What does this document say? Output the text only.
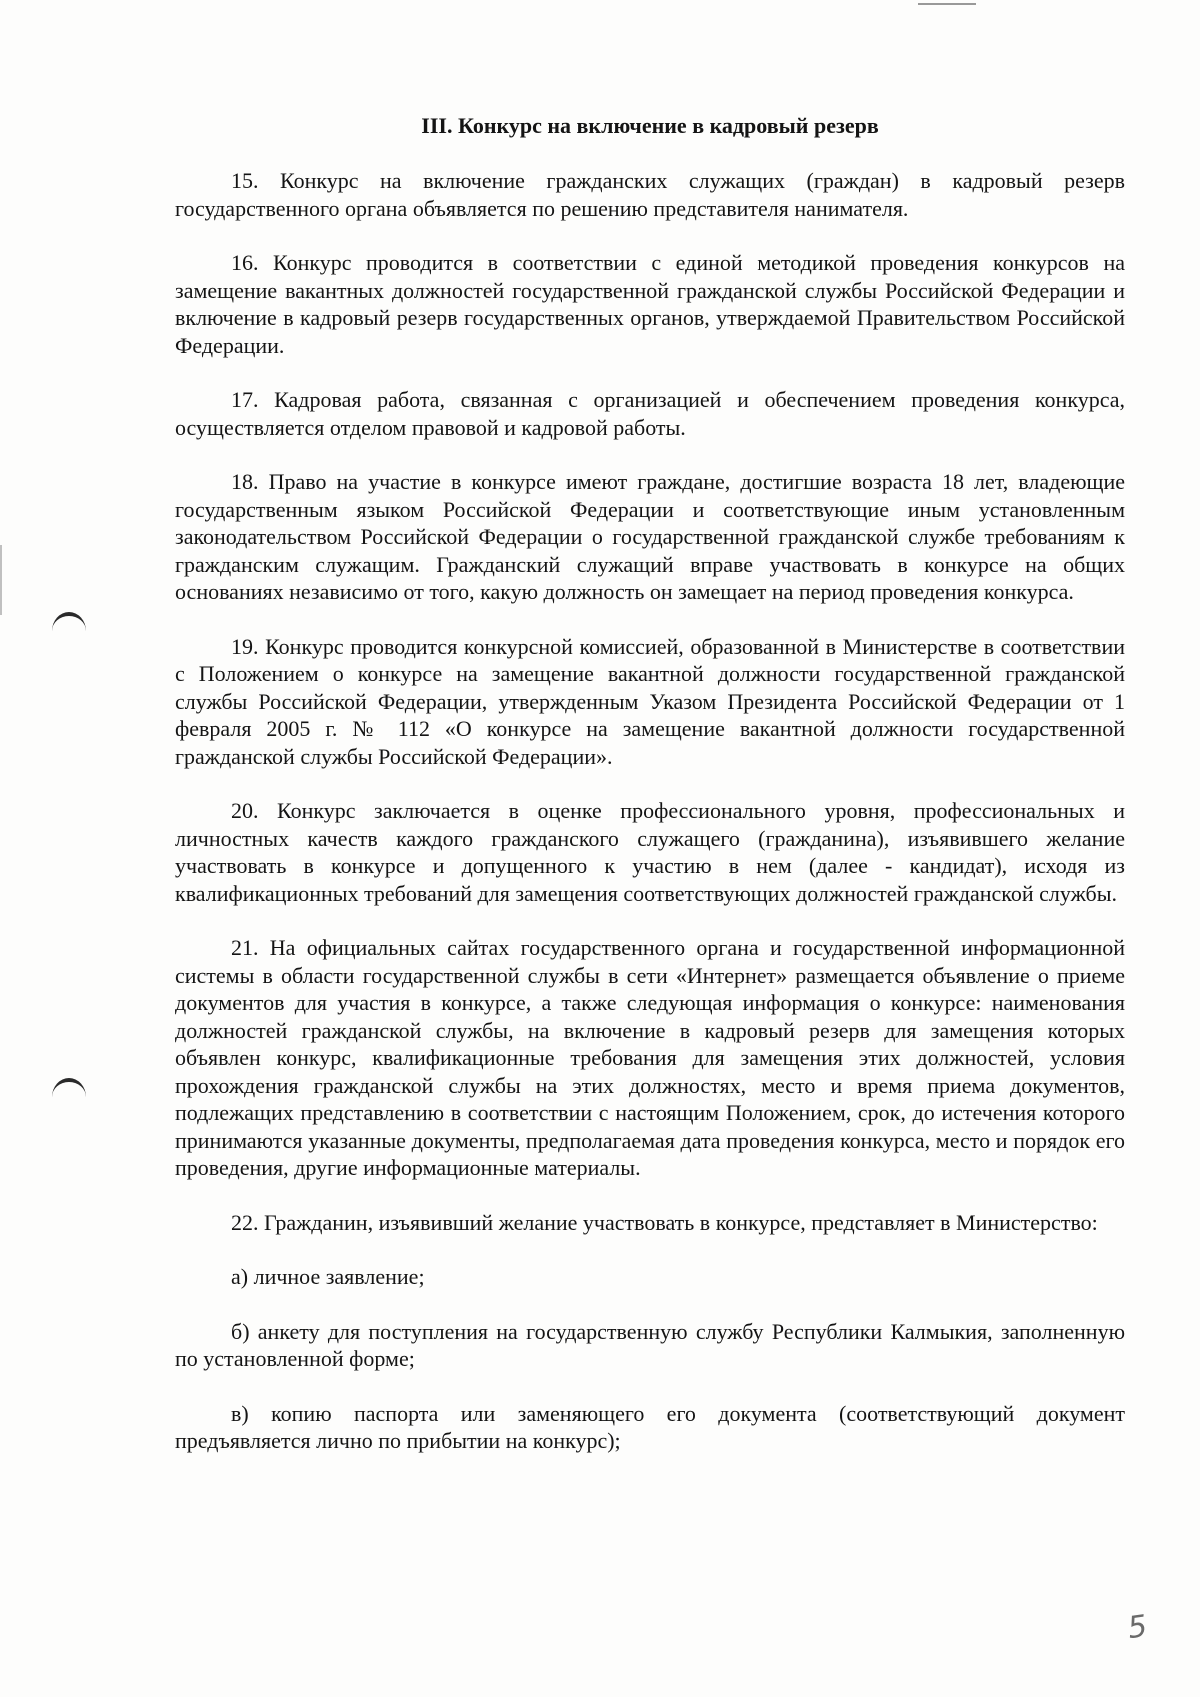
III. Конкурс на включение в кадровый резерв

15. Конкурс на включение гражданских служащих (граждан) в кадровый резерв государственного органа объявляется по решению представителя нанимателя.

16. Конкурс проводится в соответствии с единой методикой проведения конкурсов на замещение вакантных должностей государственной гражданской службы Российской Федерации и включение в кадровый резерв государственных органов, утверждаемой Правительством Российской Федерации.

17. Кадровая работа, связанная с организацией и обеспечением проведения конкурса, осуществляется отделом правовой и кадровой работы.

18. Право на участие в конкурсе имеют граждане, достигшие возраста 18 лет, владеющие государственным языком Российской Федерации и соответствующие иным установленным законодательством Российской Федерации о государственной гражданской службе требованиям к гражданским служащим. Гражданский служащий вправе участвовать в конкурсе на общих основаниях независимо от того, какую должность он замещает на период проведения конкурса.

19. Конкурс проводится конкурсной комиссией, образованной в Министерстве в соответствии с Положением о конкурсе на замещение вакантной должности государственной гражданской службы Российской Федерации, утвержденным Указом Президента Российской Федерации от 1 февраля 2005 г. № 112 «О конкурсе на замещение вакантной должности государственной гражданской службы Российской Федерации».

20. Конкурс заключается в оценке профессионального уровня, профессиональных и личностных качеств каждого гражданского служащего (гражданина), изъявившего желание участвовать в конкурсе и допущенного к участию в нем (далее - кандидат), исходя из квалификационных требований для замещения соответствующих должностей гражданской службы.

21. На официальных сайтах государственного органа и государственной информационной системы в области государственной службы в сети «Интернет» размещается объявление о приеме документов для участия в конкурсе, а также следующая информация о конкурсе: наименования должностей гражданской службы, на включение в кадровый резерв для замещения которых объявлен конкурс, квалификационные требования для замещения этих должностей, условия прохождения гражданской службы на этих должностях, место и время приема документов, подлежащих представлению в соответствии с настоящим Положением, срок, до истечения которого принимаются указанные документы, предполагаемая дата проведения конкурса, место и порядок его проведения, другие информационные материалы.

22. Гражданин, изъявивший желание участвовать в конкурсе, представляет в Министерство:

а) личное заявление;

б) анкету для поступления на государственную службу Республики Калмыкия, заполненную по установленной форме;

в) копию паспорта или заменяющего его документа (соответствующий документ предъявляется лично по прибытии на конкурс);

5
